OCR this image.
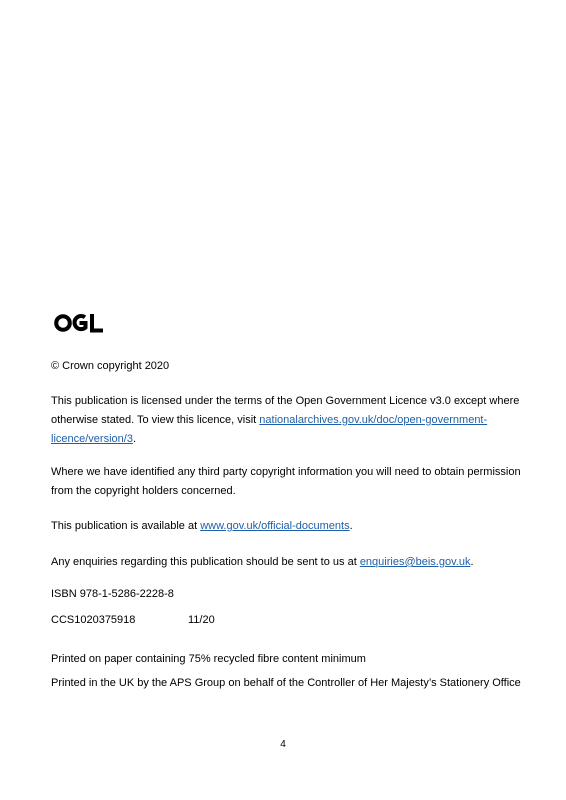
© Crown copyright 2020

This publication is licensed under the terms of the Open Government Licence v3.0 except where otherwise stated. To view this licence, visit nationalarchives.gov.uk/doc/open-government-licence/version/3.

Where we have identified any third party copyright information you will need to obtain permission from the copyright holders concerned.

This publication is available at www.gov.uk/official-documents.

Any enquiries regarding this publication should be sent to us at enquiries@beis.gov.uk.

ISBN 978-1-5286-2228-8

CCS1020375918	11/20

Printed on paper containing 75% recycled fibre content minimum

Printed in the UK by the APS Group on behalf of the Controller of Her Majesty’s Stationery Office

4
